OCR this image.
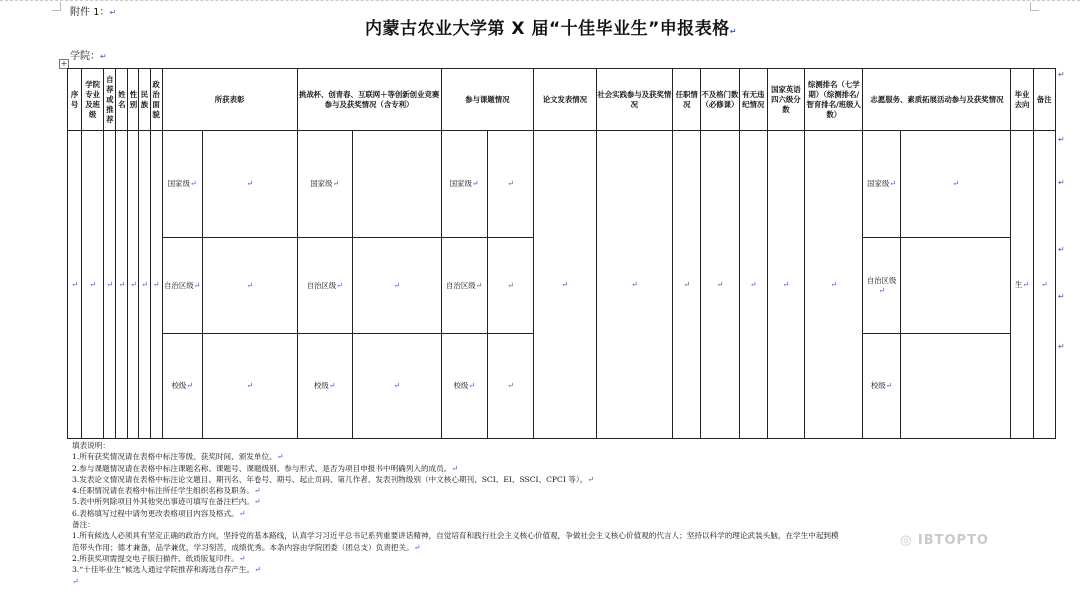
附件 1：↵
内蒙古农业大学第 X 届“十佳毕业生”申报表格↵
学院：↵
+
序号	学院专业及班级	自荐或推荐	姓名	性别	民族	政治面貌	所获表彰		挑战杯、创青春、互联网＋等创新创业竞赛参与及获奖情况（含专利）		参与课题情况		论文发表情况	社会实践参与及获奖情况	任职情况	不及格门数（必修课）	有无违纪情况	国家英语四六级分数	综测排名（七学期）（综测排名/智育排名/班级人数）	志愿服务、素质拓展活动参与及获奖情况		毕业去向	备注
↵	↵	↵	↵	↵	↵	↵	国家级↵	↵	国家级↵		国家级↵	↵	↵	↵	↵	↵	↵	↵	↵	国家级↵	↵	生↵	↵
							自治区级↵	↵	自治区级↵	↵	自治区级↵	↵								自治区级↵			
							校级↵	↵	校级↵	↵	校级↵	↵								校级↵			
↵
↵
↵
↵
↵
↵
填表说明：
1.所有获奖情况请在表格中标注等级、获奖时间、颁发单位。↵
2.参与课题情况请在表格中标注课题名称、课题号、课题级别、参与形式、是否为项目申报书中明确列入的成员。↵
3.发表论文情况请在表格中标注论文题目、期刊名、年卷号、期号、起止页码、第几作者、发表刊物级别（中文核心期刊、SCI、EI、SSCI、CPCI 等）。↵
4.任职情况请在表格中标注所任学生组织名称及职务。↵
5.表中所列除项目外其他突出事迹可填写在备注栏内。↵
6.表格填写过程中请勿更改表格项目内容及格式。↵
备注：
1.所有候选人必须具有坚定正确的政治方向，坚持党的基本路线，认真学习习近平总书记系列重要讲话精神，自觉培育和践行社会主义核心价值观，争做社会主义核心价值观的代言人；坚持以科学的理论武装头脑，在学生中起到模
范带头作用；德才兼备，品学兼优，学习刻苦，成绩优秀。本条内容由学院团委（团总支）负责把关。↵
2.所获奖项需提交电子版扫描件、纸质版复印件。↵
3.“十佳毕业生”候选人通过学院推荐和海选自荐产生。↵
↵
◎ IBTOPTO
